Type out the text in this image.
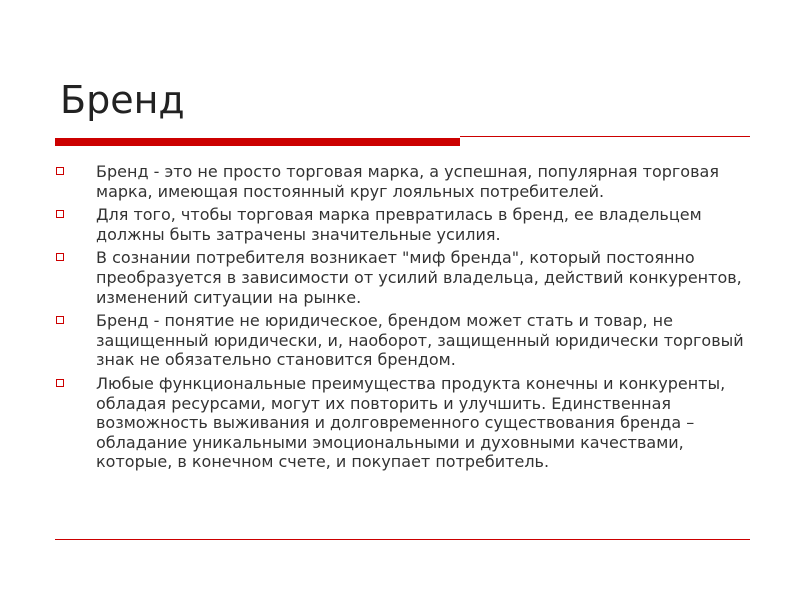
Бренд
Бренд - это не просто торговая марка, а успешная, популярная торговая марка, имеющая постоянный круг лояльных потребителей.
Для того, чтобы торговая марка превратилась в бренд, ее владельцем должны быть затрачены значительные усилия.
В сознании потребителя возникает "миф бренда", который постоянно преобразуется в зависимости от усилий владельца, действий конкурентов, изменений ситуации на рынке.
Бренд - понятие не юридическое, брендом может стать и товар, не защищенный юридически, и, наоборот, защищенный юридически торговый знак не обязательно становится брендом.
Любые функциональные преимущества продукта конечны и конкуренты, обладая ресурсами, могут их повторить и улучшить. Единственная возможность выживания и долговременного существования бренда – обладание уникальными эмоциональными и духовными качествами, которые, в конечном счете, и покупает потребитель.
